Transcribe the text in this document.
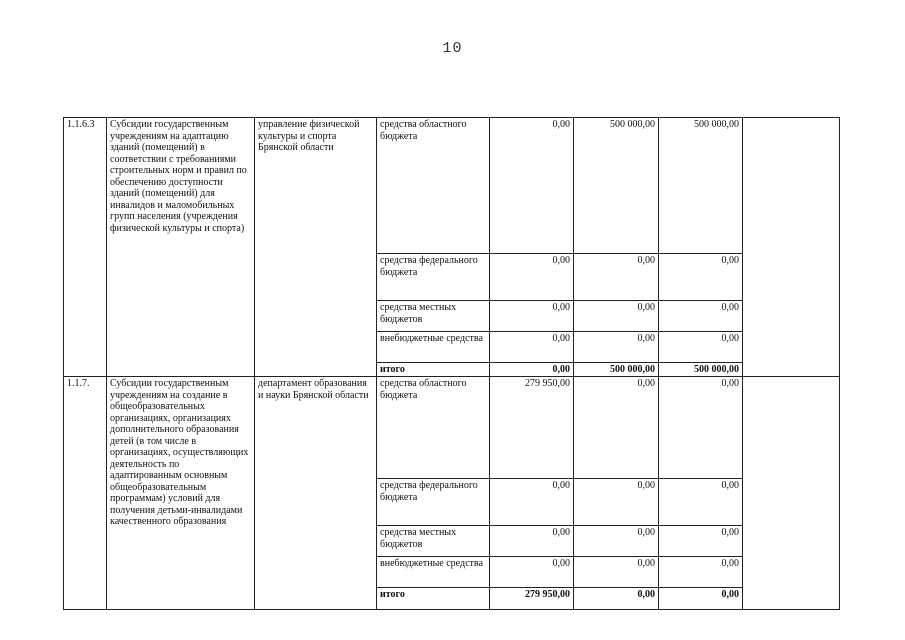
10
1.1.6.3	Субсидии государственным учреждениям на адаптацию зданий (помещений) в соответствии с требованиями строительных норм и правил по обеспечению доступности зданий (помещений) для инвалидов и маломобильных групп населения (учреждения физической культуры и спорта)	управление физической культуры и спорта Брянской области	средства областного бюджета	0,00	500 000,00	500 000,00	
			средства федерального бюджета	0,00	0,00	0,00	
			средства местных бюджетов	0,00	0,00	0,00	
			внебюджетные средства	0,00	0,00	0,00	
			итого	0,00	500 000,00	500 000,00	
1.1.7.	Субсидии государственным учреждениям на создание в общеобразовательных организациях, организациях дополнительного образования детей (в том числе в организациях, осуществляющих деятельность по адаптированным основным общеобразовательным программам) условий для получения детьми-инвалидами качественного образования	департамент образования и науки Брянской области	средства областного бюджета	279 950,00	0,00	0,00	
			средства федерального бюджета	0,00	0,00	0,00	
			средства местных бюджетов	0,00	0,00	0,00	
			внебюджетные средства	0,00	0,00	0,00	
			итого	279 950,00	0,00	0,00	
